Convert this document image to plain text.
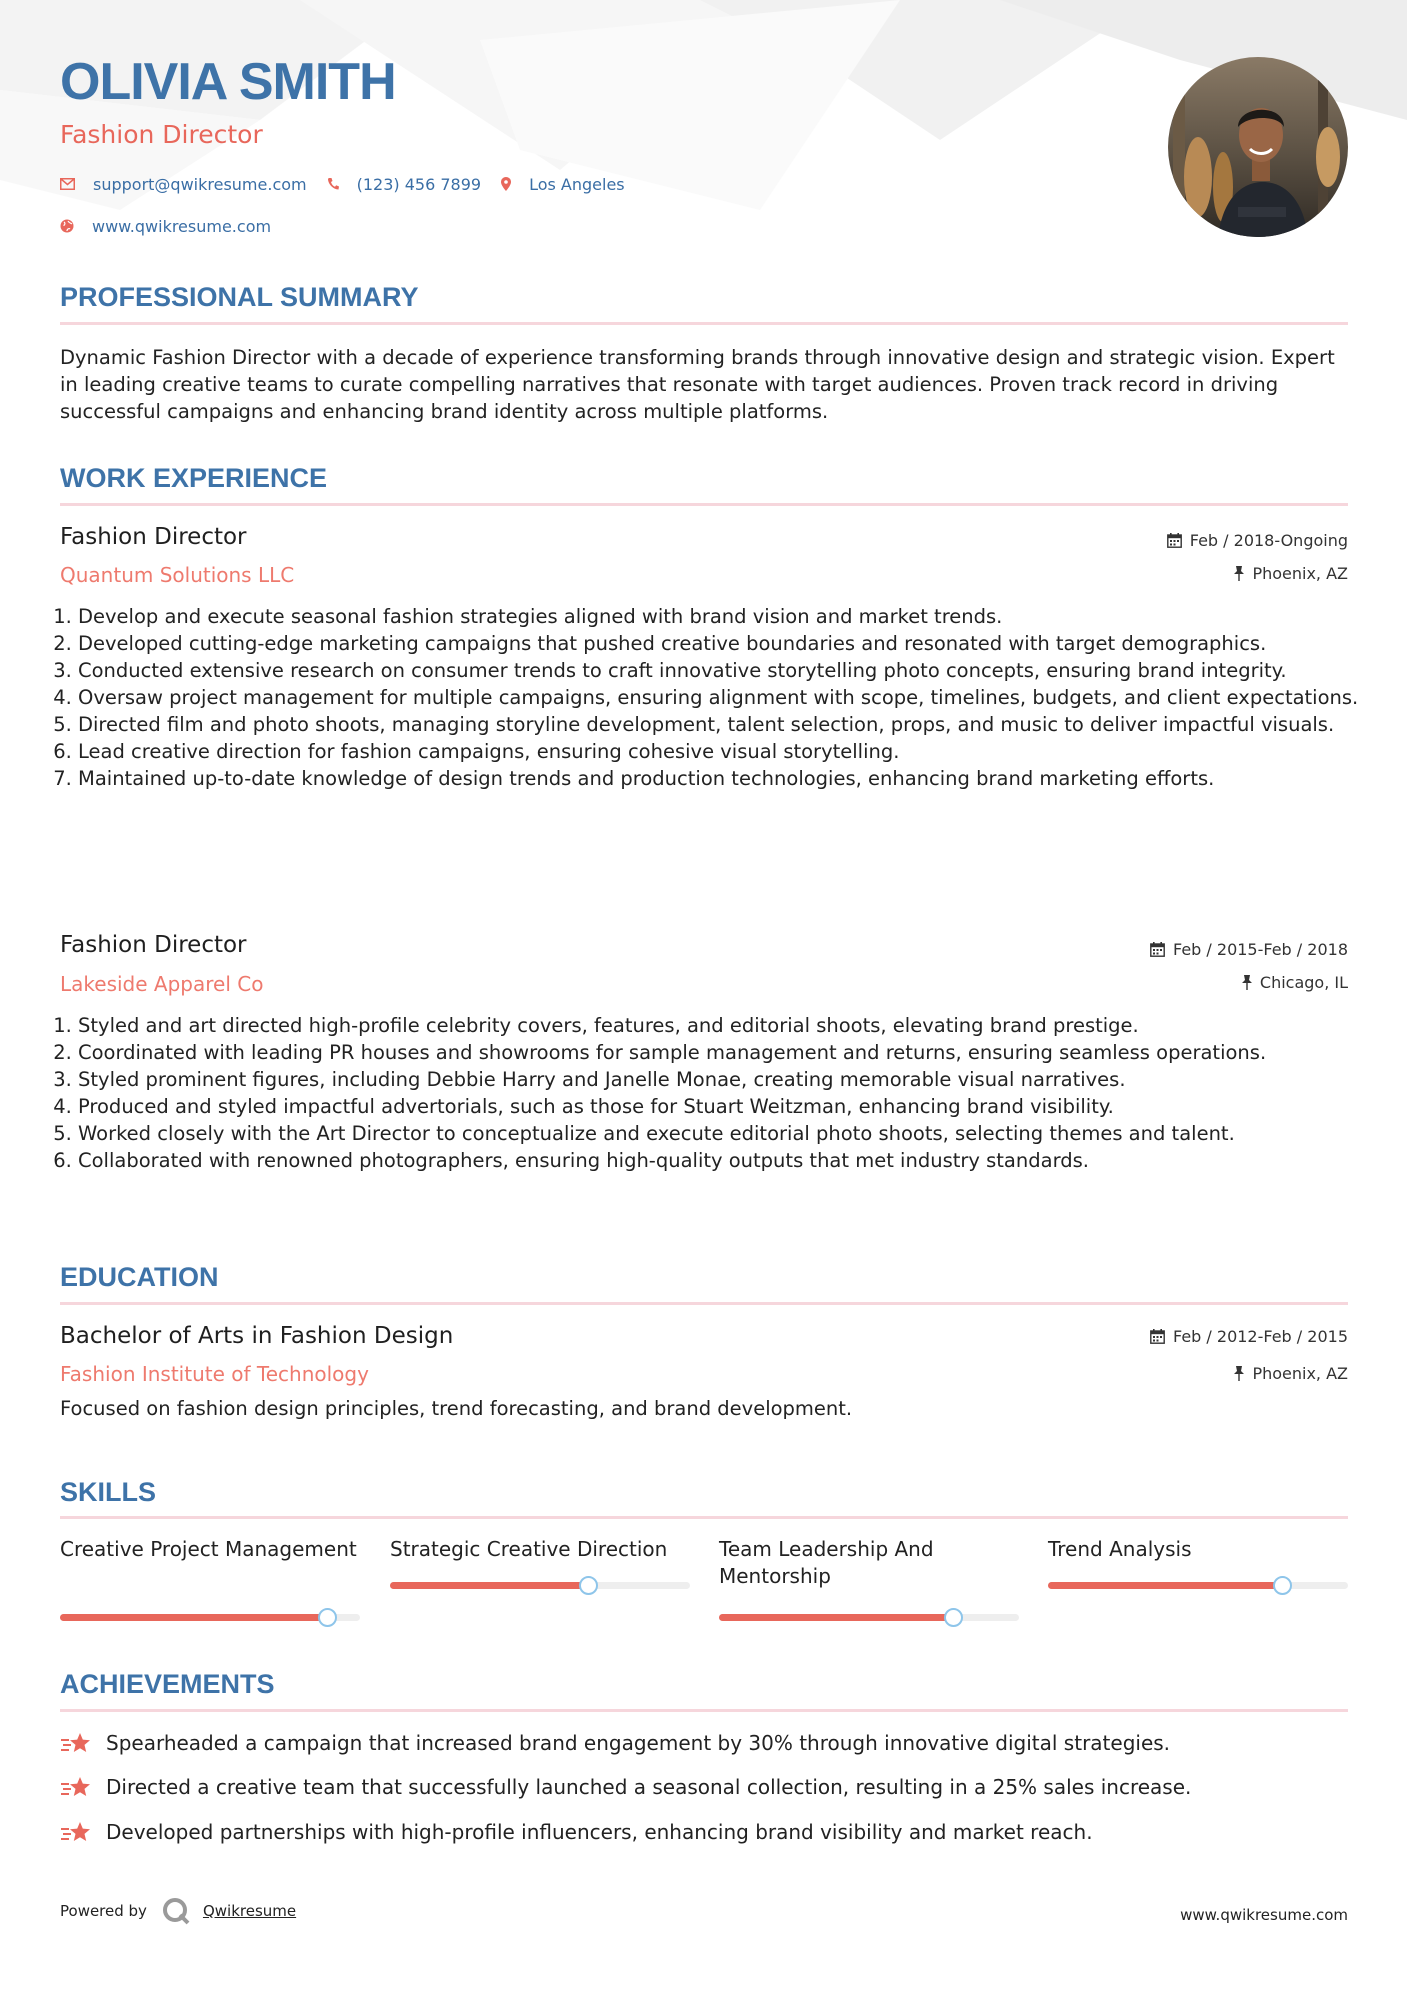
OLIVIA SMITH
Fashion Director
support@qwikresume.com	(123) 456 7899	Los Angeles
www.qwikresume.com
PROFESSIONAL SUMMARY

Dynamic Fashion Director with a decade of experience transforming brands through innovative design and strategic vision. Expert in leading creative teams to curate compelling narratives that resonate with target audiences. Proven track record in driving successful campaigns and enhancing brand identity across multiple platforms.

WORK EXPERIENCE
Fashion Director
Quantum Solutions LLC
Feb / 2018-Ongoing
Phoenix, AZ
1. Develop and execute seasonal fashion strategies aligned with brand vision and market trends.
2. Developed cutting-edge marketing campaigns that pushed creative boundaries and resonated with target demographics.
3. Conducted extensive research on consumer trends to craft innovative storytelling photo concepts, ensuring brand integrity.
4. Oversaw project management for multiple campaigns, ensuring alignment with scope, timelines, budgets, and client expectations.
5. Directed film and photo shoots, managing storyline development, talent selection, props, and music to deliver impactful visuals.
6. Lead creative direction for fashion campaigns, ensuring cohesive visual storytelling.
7. Maintained up-to-date knowledge of design trends and production technologies, enhancing brand marketing efforts.
Fashion Director
Lakeside Apparel Co
Feb / 2015-Feb / 2018
Chicago, IL
1. Styled and art directed high-profile celebrity covers, features, and editorial shoots, elevating brand prestige.
2. Coordinated with leading PR houses and showrooms for sample management and returns, ensuring seamless operations.
3. Styled prominent figures, including Debbie Harry and Janelle Monae, creating memorable visual narratives.
4. Produced and styled impactful advertorials, such as those for Stuart Weitzman, enhancing brand visibility.
5. Worked closely with the Art Director to conceptualize and execute editorial photo shoots, selecting themes and talent.
6. Collaborated with renowned photographers, ensuring high-quality outputs that met industry standards.
EDUCATION
Bachelor of Arts in Fashion Design
Fashion Institute of Technology
Feb / 2012-Feb / 2015
Phoenix, AZ
Focused on fashion design principles, trend forecasting, and brand development.
SKILLS
Creative Project Management Strategic Creative Direction	Team Leadership And Mentorship
Trend Analysis
ACHIEVEMENTS
Spearheaded a campaign that increased brand engagement by 30% through innovative digital strategies.
Directed a creative team that successfully launched a seasonal collection, resulting in a 25% sales increase.
Developed partnerships with high-profile influencers, enhancing brand visibility and market reach.
Powered by	Qwikresume	www.qwikresume.com
